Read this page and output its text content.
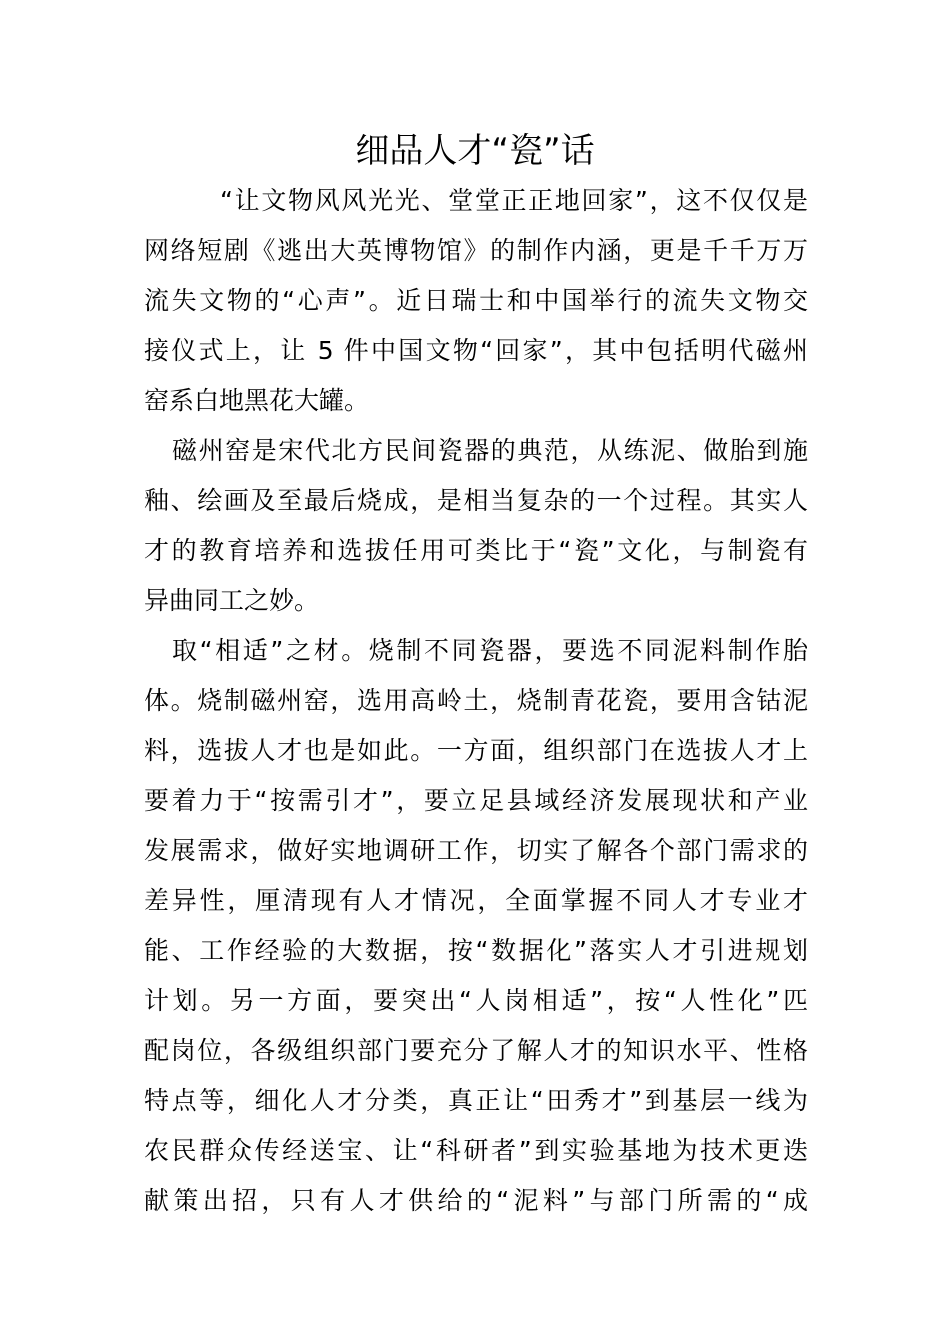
细品人才“瓷”话
“让文物风风光光、堂堂正正地回家”，这不仅仅是
网络短剧《逃出大英博物馆》的制作内涵，更是千千万万
流失文物的“心声”。近日瑞士和中国举行的流失文物交
接仪式上，让 5 件中国文物“回家”，其中包括明代磁州
窑系白地黑花大罐。
磁州窑是宋代北方民间瓷器的典范，从练泥、做胎到施
釉、绘画及至最后烧成，是相当复杂的一个过程。其实人
才的教育培养和选拔任用可类比于“瓷”文化，与制瓷有
异曲同工之妙。
取“相适”之材。烧制不同瓷器，要选不同泥料制作胎
体。烧制磁州窑，选用高岭土，烧制青花瓷，要用含钴泥
料，选拔人才也是如此。一方面，组织部门在选拔人才上
要着力于“按需引才”，要立足县域经济发展现状和产业
发展需求，做好实地调研工作，切实了解各个部门需求的
差异性，厘清现有人才情况，全面掌握不同人才专业才
能、工作经验的大数据，按“数据化”落实人才引进规划
计划。另一方面，要突出“人岗相适”，按“人性化”匹
配岗位，各级组织部门要充分了解人才的知识水平、性格
特点等，细化人才分类，真正让“田秀才”到基层一线为
农民群众传经送宝、让“科研者”到实验基地为技术更迭
献策出招，只有人才供给的“泥料”与部门所需的“成
